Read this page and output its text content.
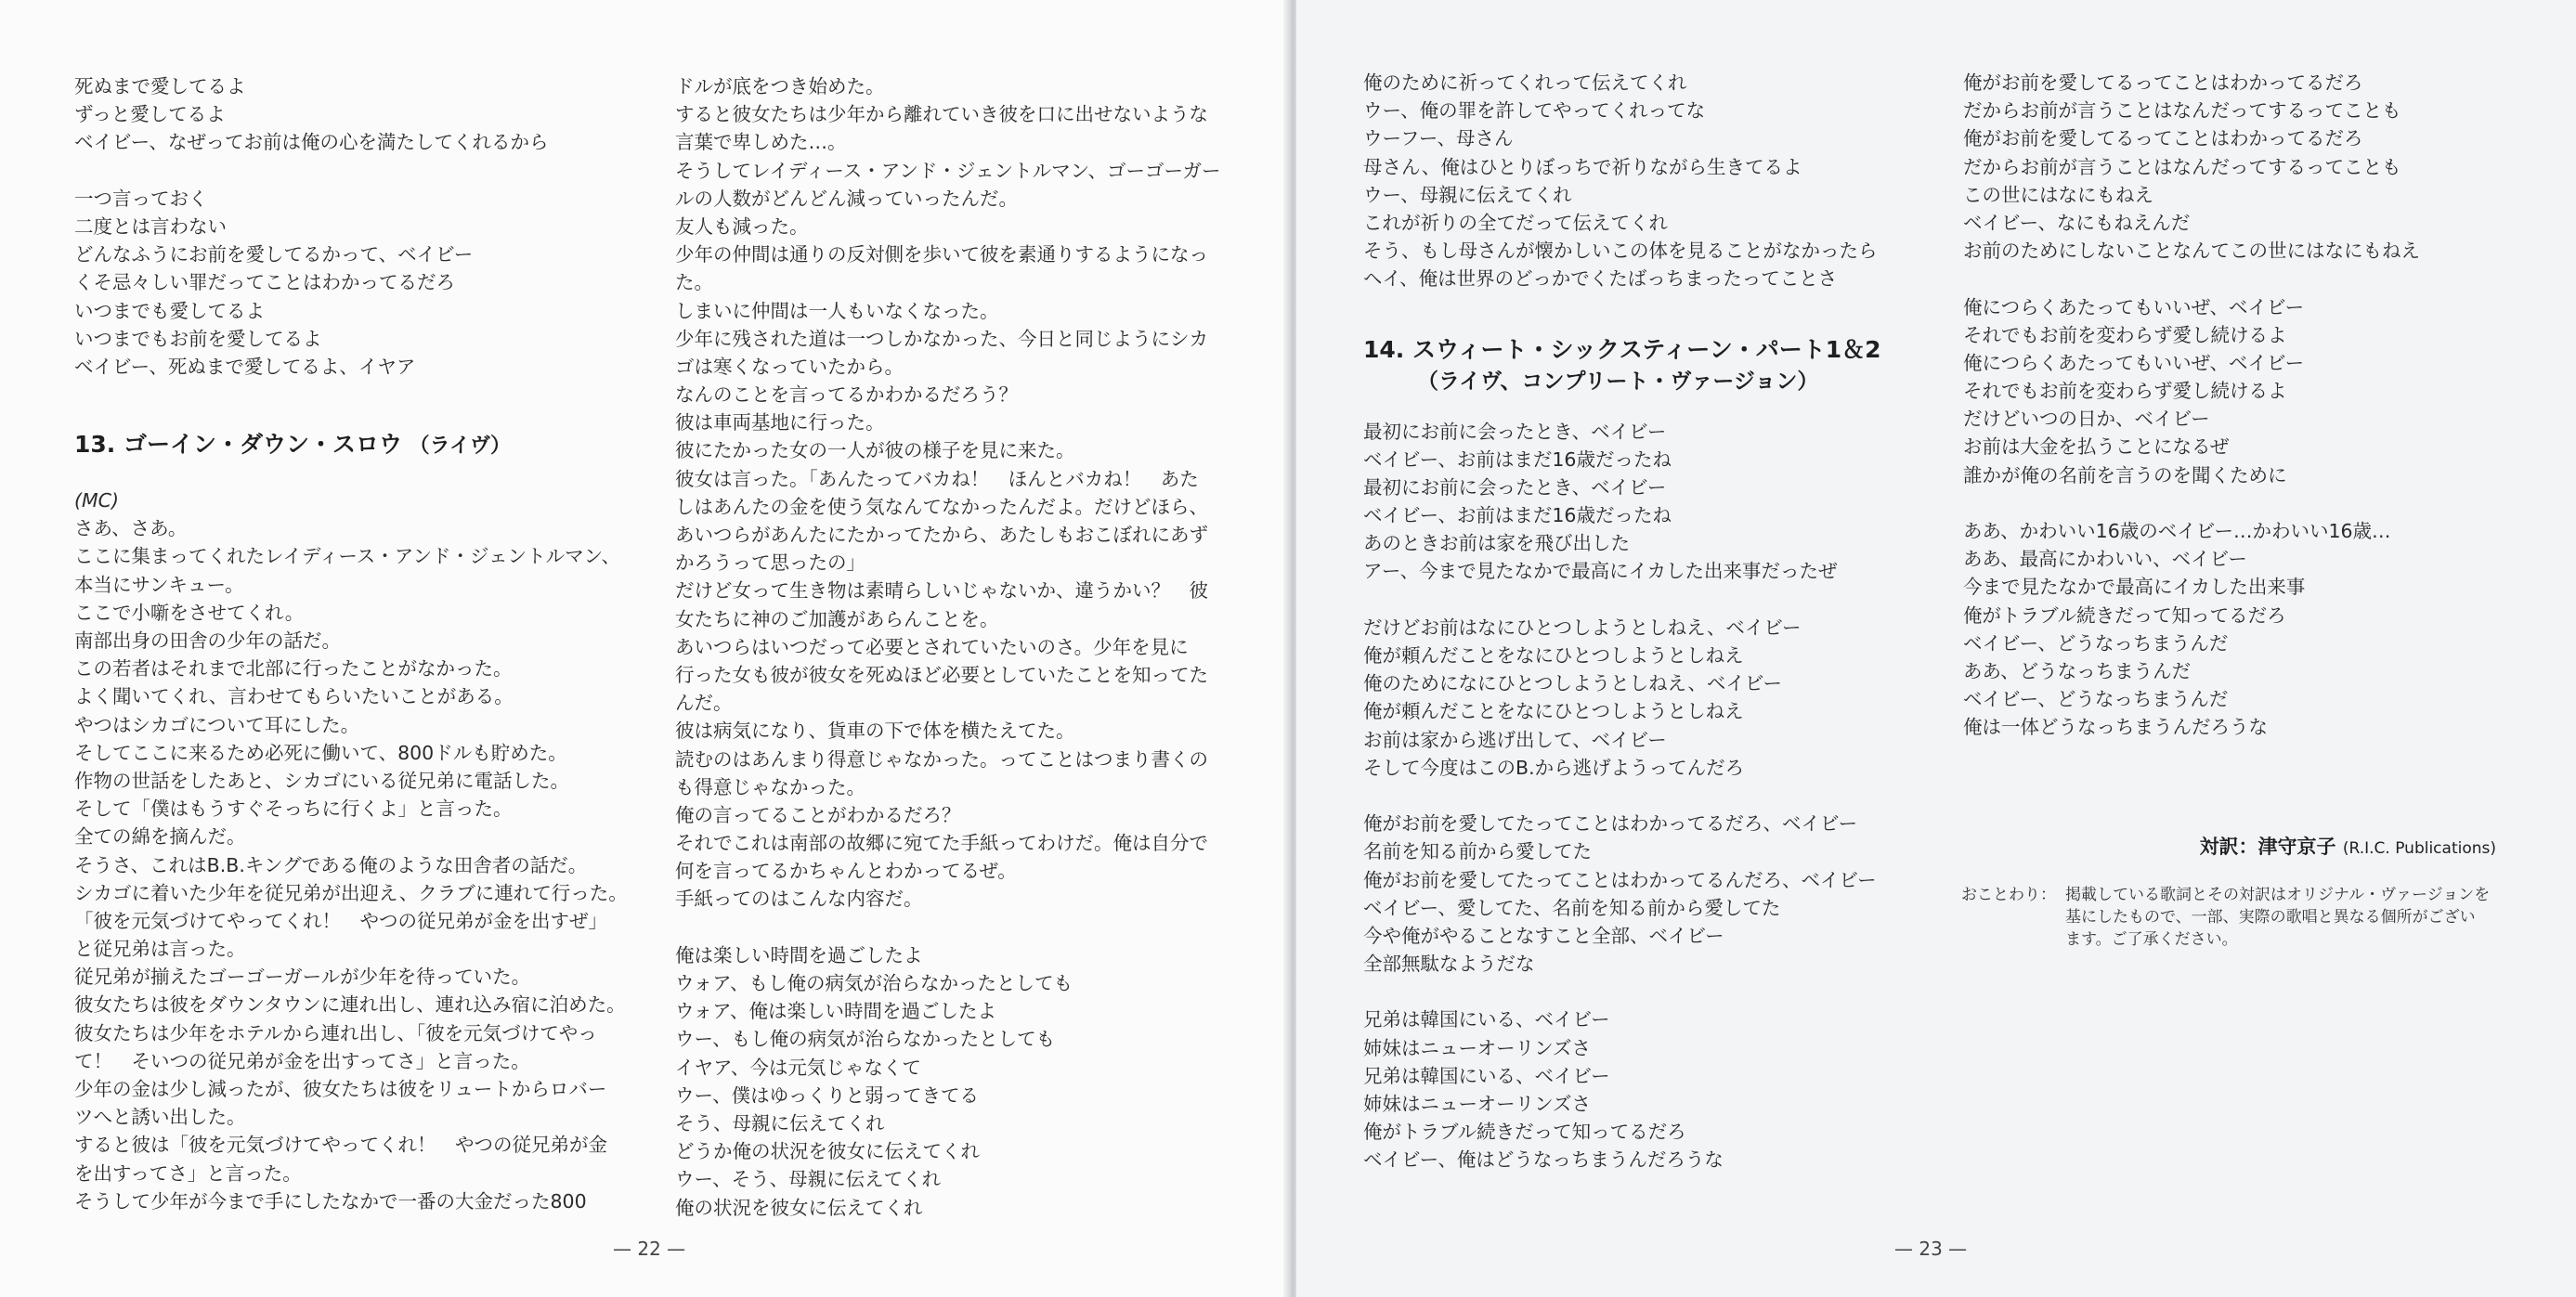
死ぬまで愛してるよ
ずっと愛してるよ
ベイビー、なぜってお前は俺の心を満たしてくれるから

一つ言っておく
二度とは言わない
どんなふうにお前を愛してるかって、ベイビー
くそ忌々しい罪だってことはわかってるだろ
いつまでも愛してるよ
いつまでもお前を愛してるよ
ベイビー、死ぬまで愛してるよ、イヤア
13. ゴーイン・ダウン・スロウ （ライヴ）
(MC)
さあ、さあ。
ここに集まってくれたレイディース・アンド・ジェントルマン、
本当にサンキュー。
ここで小噺をさせてくれ。
南部出身の田舎の少年の話だ。
この若者はそれまで北部に行ったことがなかった。
よく聞いてくれ、言わせてもらいたいことがある。
やつはシカゴについて耳にした。
そしてここに来るため必死に働いて、800ドルも貯めた。
作物の世話をしたあと、シカゴにいる従兄弟に電話した。
そして「僕はもうすぐそっちに行くよ」と言った。
全ての綿を摘んだ。
そうさ、これはB.B.キングである俺のような田舎者の話だ。
シカゴに着いた少年を従兄弟が出迎え、クラブに連れて行った。
「彼を元気づけてやってくれ！　やつの従兄弟が金を出すぜ」
と従兄弟は言った。
従兄弟が揃えたゴーゴーガールが少年を待っていた。
彼女たちは彼をダウンタウンに連れ出し、連れ込み宿に泊めた。
彼女たちは少年をホテルから連れ出し、「彼を元気づけてやっ
て！　そいつの従兄弟が金を出すってさ」と言った。
少年の金は少し減ったが、彼女たちは彼をリュートからロバー
ツへと誘い出した。
すると彼は「彼を元気づけてやってくれ！　やつの従兄弟が金
を出すってさ」と言った。
そうして少年が今まで手にしたなかで一番の大金だった800
ドルが底をつき始めた。
すると彼女たちは少年から離れていき彼を口に出せないような
言葉で卑しめた…。
そうしてレイディース・アンド・ジェントルマン、ゴーゴーガー
ルの人数がどんどん減っていったんだ。
友人も減った。
少年の仲間は通りの反対側を歩いて彼を素通りするようになっ
た。
しまいに仲間は一人もいなくなった。
少年に残された道は一つしかなかった、今日と同じようにシカ
ゴは寒くなっていたから。
なんのことを言ってるかわかるだろう？
彼は車両基地に行った。
彼にたかった女の一人が彼の様子を見に来た。
彼女は言った。「あんたってバカね！　ほんとバカね！　あた
しはあんたの金を使う気なんてなかったんだよ。だけどほら、
あいつらがあんたにたかってたから、あたしもおこぼれにあず
かろうって思ったの」
だけど女って生き物は素晴らしいじゃないか、違うかい？　彼
女たちに神のご加護があらんことを。
あいつらはいつだって必要とされていたいのさ。少年を見に
行った女も彼が彼女を死ぬほど必要としていたことを知ってた
んだ。
彼は病気になり、貨車の下で体を横たえてた。
読むのはあんまり得意じゃなかった。ってことはつまり書くの
も得意じゃなかった。
俺の言ってることがわかるだろ？
それでこれは南部の故郷に宛てた手紙ってわけだ。俺は自分で
何を言ってるかちゃんとわかってるぜ。
手紙ってのはこんな内容だ。

俺は楽しい時間を過ごしたよ
ウォア、もし俺の病気が治らなかったとしても
ウォア、俺は楽しい時間を過ごしたよ
ウー、もし俺の病気が治らなかったとしても
イヤア、今は元気じゃなくて
ウー、僕はゆっくりと弱ってきてる
そう、母親に伝えてくれ
どうか俺の状況を彼女に伝えてくれ
ウー、そう、母親に伝えてくれ
俺の状況を彼女に伝えてくれ
— 22 —
俺のために祈ってくれって伝えてくれ
ウー、俺の罪を許してやってくれってな
ウーフー、母さん
母さん、俺はひとりぼっちで祈りながら生きてるよ
ウー、母親に伝えてくれ
これが祈りの全てだって伝えてくれ
そう、もし母さんが懐かしいこの体を見ることがなかったら
ヘイ、俺は世界のどっかでくたばっちまったってことさ
14. スウィート・シックスティーン・パート1＆2
（ライヴ、コンプリート・ヴァージョン）
最初にお前に会ったとき、ベイビー
ベイビー、お前はまだ16歳だったね
最初にお前に会ったとき、ベイビー
ベイビー、お前はまだ16歳だったね
あのときお前は家を飛び出した
アー、今まで見たなかで最高にイカした出来事だったぜ

だけどお前はなにひとつしようとしねえ、ベイビー
俺が頼んだことをなにひとつしようとしねえ
俺のためになにひとつしようとしねえ、ベイビー
俺が頼んだことをなにひとつしようとしねえ
お前は家から逃げ出して、ベイビー
そして今度はこのB.から逃げようってんだろ

俺がお前を愛してたってことはわかってるだろ、ベイビー
名前を知る前から愛してた
俺がお前を愛してたってことはわかってるんだろ、ベイビー
ベイビー、愛してた、名前を知る前から愛してた
今や俺がやることなすこと全部、ベイビー
全部無駄なようだな

兄弟は韓国にいる、ベイビー
姉妹はニューオーリンズさ
兄弟は韓国にいる、ベイビー
姉妹はニューオーリンズさ
俺がトラブル続きだって知ってるだろ
ベイビー、俺はどうなっちまうんだろうな
俺がお前を愛してるってことはわかってるだろ
だからお前が言うことはなんだってするってことも
俺がお前を愛してるってことはわかってるだろ
だからお前が言うことはなんだってするってことも
この世にはなにもねえ
ベイビー、なにもねえんだ
お前のためにしないことなんてこの世にはなにもねえ

俺につらくあたってもいいぜ、ベイビー
それでもお前を変わらず愛し続けるよ
俺につらくあたってもいいぜ、ベイビー
それでもお前を変わらず愛し続けるよ
だけどいつの日か、ベイビー
お前は大金を払うことになるぜ
誰かが俺の名前を言うのを聞くために

ああ、かわいい16歳のベイビー…かわいい16歳…
ああ、最高にかわいい、ベイビー
今まで見たなかで最高にイカした出来事
俺がトラブル続きだって知ってるだろ
ベイビー、どうなっちまうんだ
ああ、どうなっちまうんだ
ベイビー、どうなっちまうんだ
俺は一体どうなっちまうんだろうな
— 23 —
対訳：津守京子 (R.I.C. Publications)
おことわり： 掲載している歌詞とその対訳はオリジナル・ヴァージョンを
基にしたもので、一部、実際の歌唱と異なる個所がござい
ます。ご了承ください。
